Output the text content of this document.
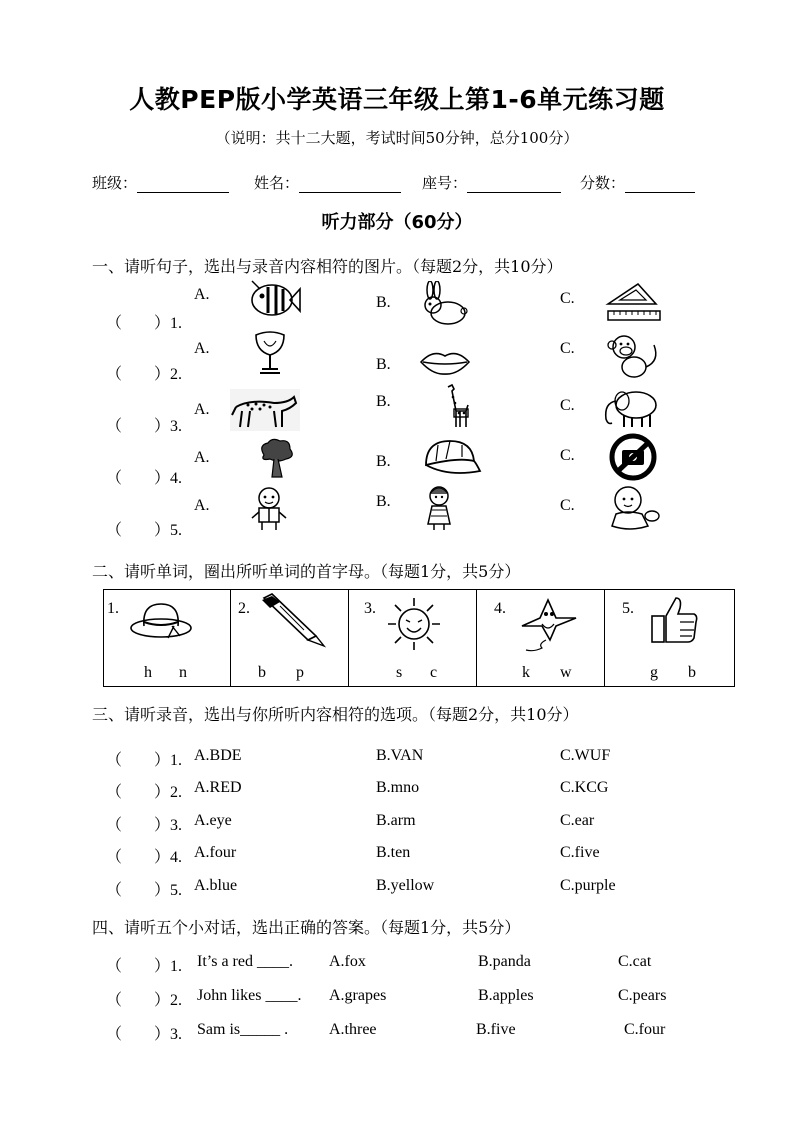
人教PEP版小学英语三年级上第1-6单元练习题
（说明：共十二大题，考试时间50分钟，总分100分）
班级：	姓名：	座号：	分数：
听力部分（60分）
一、请听句子，选出与录音内容相符的图片。（每题2分，共10分）
（　　）1.
A.	B.	C.
（　　）2.
A.
B.
C.
（　　）3.
A.	B.	C.
（　　）4.
A.	B.	C.
（　　）5.
A.	B.	C.
二、请听单词，圈出所听单词的首字母。（每题1分，共5分）
1.
h n
2.
b p
3.
s c
4.
k w
5.
g b
三、请听录音，选出与你所听内容相符的选项。（每题2分，共10分）
（　　）1. A.BDE	B.VAN	C.WUF
（　　）2. A.RED	B.mno	C.KCG
（　　）3. A.eye	B.arm	C.ear
（　　）4. A.four	B.ten	C.five
（　　）5. A.blue	B.yellow	C.purple
四、请听五个小对话，选出正确的答案。（每题1分，共5分）
（　　）1. It’s a red ____. A.fox	B.panda	C.cat
（　　）2. John likes ____. A.grapes	B.apples	C.pears
（　　）3. Sam is_____ .	A.three	B.five	C.four
